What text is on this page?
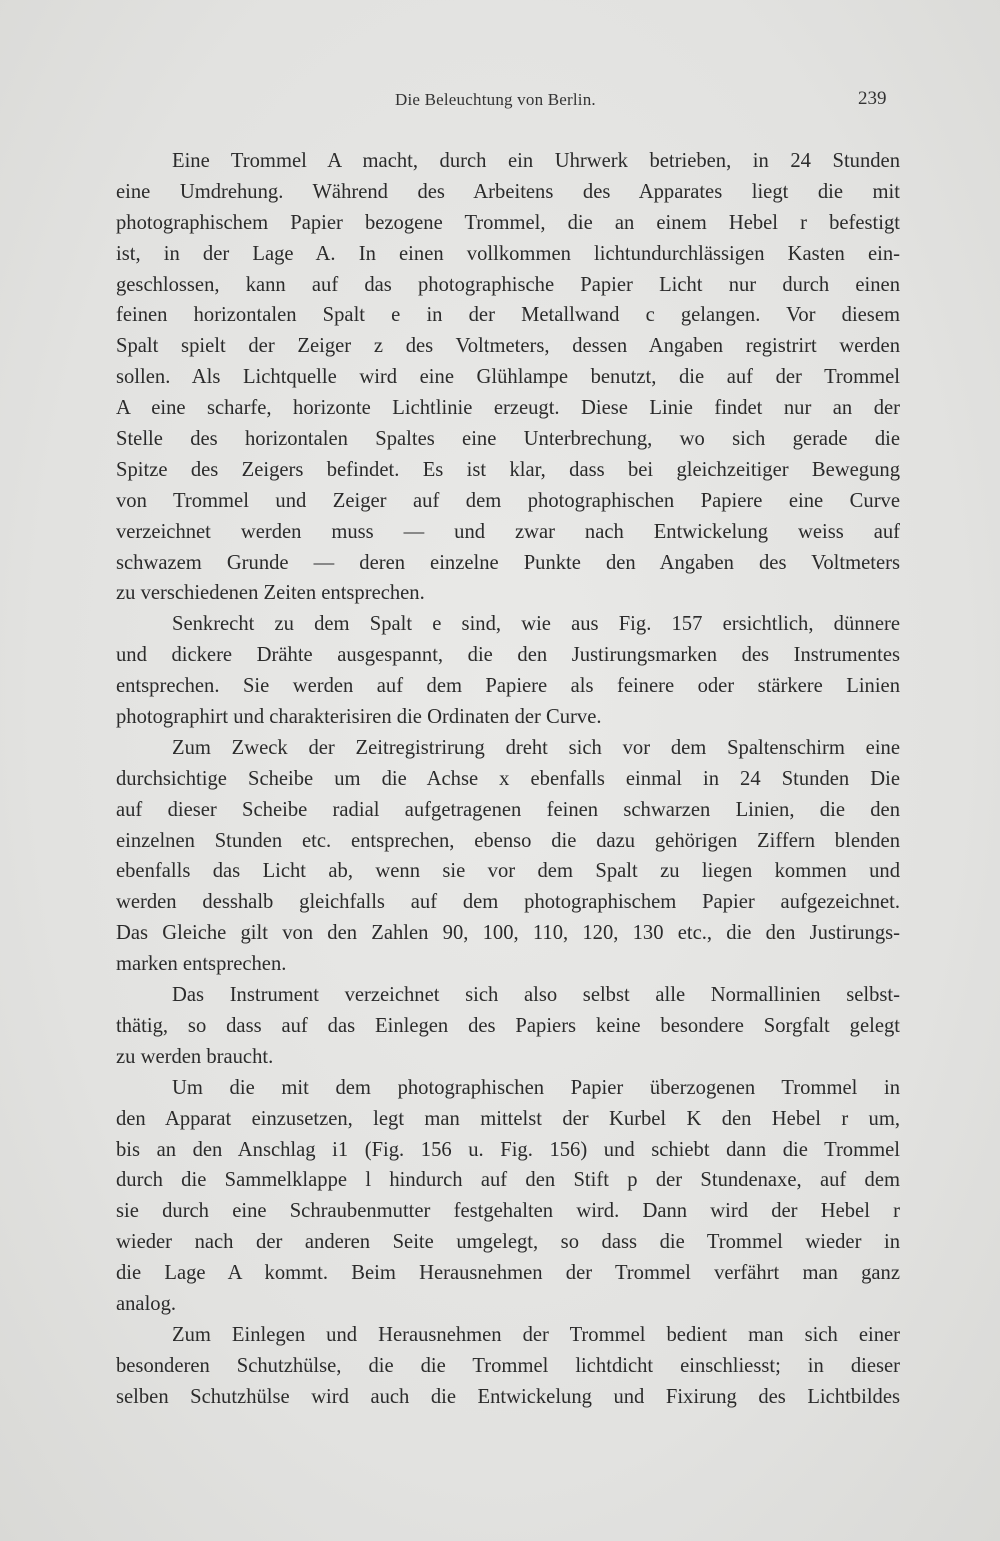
Die Beleuchtung von Berlin.	239
Eine Trommel A macht, durch ein Uhrwerk betrieben, in 24 Stunden
eine Umdrehung. Während des Arbeitens des Apparates liegt die mit
photographischem Papier bezogene Trommel, die an einem Hebel r befestigt
ist, in der Lage A. In einen vollkommen lichtundurchlässigen Kasten ein-
geschlossen, kann auf das photographische Papier Licht nur durch einen
feinen horizontalen Spalt e in der Metallwand c gelangen. Vor diesem
Spalt spielt der Zeiger z des Voltmeters, dessen Angaben registrirt werden
sollen. Als Lichtquelle wird eine Glühlampe benutzt, die auf der Trommel
A eine scharfe, horizonte Lichtlinie erzeugt. Diese Linie findet nur an der
Stelle des horizontalen Spaltes eine Unterbrechung, wo sich gerade die
Spitze des Zeigers befindet. Es ist klar, dass bei gleichzeitiger Bewegung
von Trommel und Zeiger auf dem photographischen Papiere eine Curve
verzeichnet werden muss — und zwar nach Entwickelung weiss auf
schwazem Grunde — deren einzelne Punkte den Angaben des Voltmeters
zu verschiedenen Zeiten entsprechen.
Senkrecht zu dem Spalt e sind, wie aus Fig. 157 ersichtlich, dünnere
und dickere Drähte ausgespannt, die den Justirungsmarken des Instrumentes
entsprechen. Sie werden auf dem Papiere als feinere oder stärkere Linien
photographirt und charakterisiren die Ordinaten der Curve.
Zum Zweck der Zeitregistrirung dreht sich vor dem Spaltenschirm eine
durchsichtige Scheibe um die Achse x ebenfalls einmal in 24 Stunden Die
auf dieser Scheibe radial aufgetragenen feinen schwarzen Linien, die den
einzelnen Stunden etc. entsprechen, ebenso die dazu gehörigen Ziffern blenden
ebenfalls das Licht ab, wenn sie vor dem Spalt zu liegen kommen und
werden desshalb gleichfalls auf dem photographischem Papier aufgezeichnet.
Das Gleiche gilt von den Zahlen 90, 100, 110, 120, 130 etc., die den Justirungs-
marken entsprechen.
Das Instrument verzeichnet sich also selbst alle Normallinien selbst-
thätig, so dass auf das Einlegen des Papiers keine besondere Sorgfalt gelegt
zu werden braucht.
Um die mit dem photographischen Papier überzogenen Trommel in
den Apparat einzusetzen, legt man mittelst der Kurbel K den Hebel r um,
bis an den Anschlag i1 (Fig. 156 u. Fig. 156) und schiebt dann die Trommel
durch die Sammelklappe l hindurch auf den Stift p der Stundenaxe, auf dem
sie durch eine Schraubenmutter festgehalten wird. Dann wird der Hebel r
wieder nach der anderen Seite umgelegt, so dass die Trommel wieder in
die Lage A kommt. Beim Herausnehmen der Trommel verfährt man ganz
analog.
Zum Einlegen und Herausnehmen der Trommel bedient man sich einer
besonderen Schutzhülse, die die Trommel lichtdicht einschliesst; in dieser
selben Schutzhülse wird auch die Entwickelung und Fixirung des Lichtbildes
